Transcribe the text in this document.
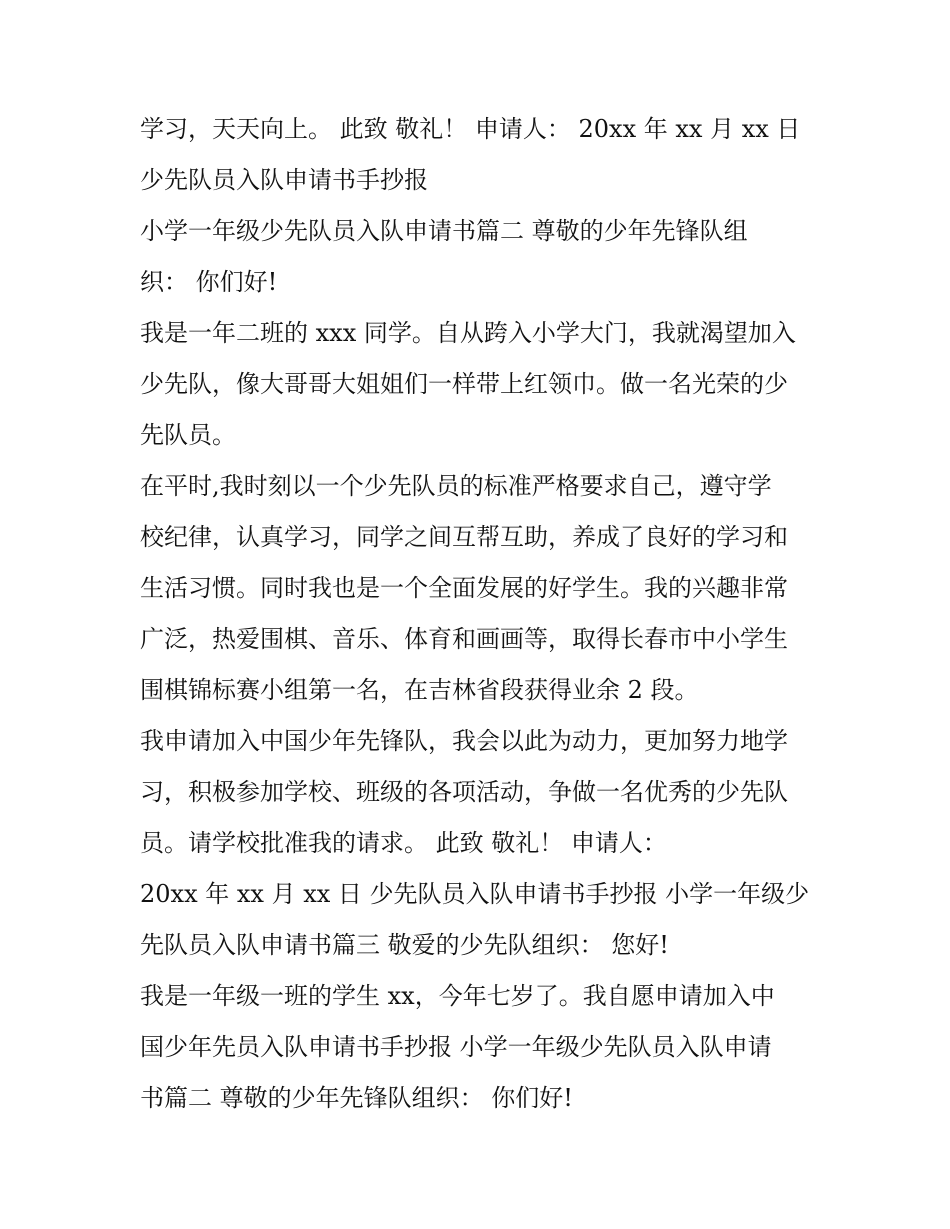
学习，天天向上。 此致 敬礼！ 申请人： 20xx 年 xx 月 xx 日
少先队员入队申请书手抄报
小学一年级少先队员入队申请书篇二 尊敬的少年先锋队组
织： 你们好!
我是一年二班的 xxx 同学。自从跨入小学大门，我就渴望加入
少先队，像大哥哥大姐姐们一样带上红领巾。做一名光荣的少
先队员。
在平时,我时刻以一个少先队员的标准严格要求自己，遵守学
校纪律，认真学习，同学之间互帮互助，养成了良好的学习和
生活习惯。同时我也是一个全面发展的好学生。我的兴趣非常
广泛，热爱围棋、音乐、体育和画画等，取得长春市中小学生
围棋锦标赛小组第一名，在吉林省段获得业余 2 段。
我申请加入中国少年先锋队，我会以此为动力，更加努力地学
习，积极参加学校、班级的各项活动，争做一名优秀的少先队
员。请学校批准我的请求。 此致 敬礼！ 申请人：
20xx 年 xx 月 xx 日 少先队员入队申请书手抄报 小学一年级少
先队员入队申请书篇三 敬爱的少先队组织： 您好!
我是一年级一班的学生 xx，今年七岁了。我自愿申请加入中
国少年先员入队申请书手抄报 小学一年级少先队员入队申请
书篇二 尊敬的少年先锋队组织： 你们好!
